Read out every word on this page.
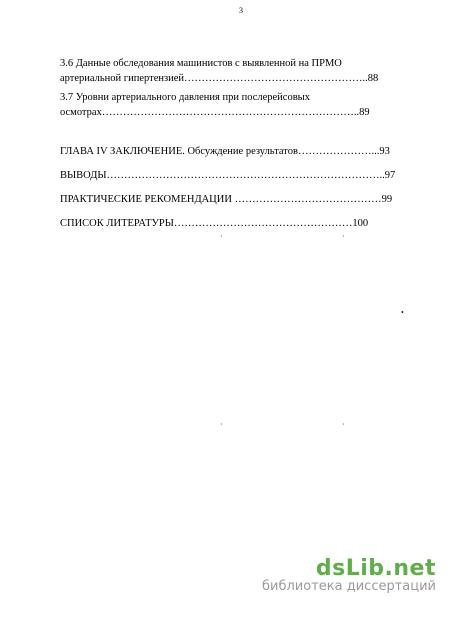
3
3.6 Данные обследования машинистов с выявленной на ПРМО
артериальной гипертензией……………………………………………..88
3.7 Уровни артериального давления при послерейсовых
осмотрах………………………………………………………………..89
ГЛАВА IV ЗАКЛЮЧЕНИЕ. Обсуждение результатов…………………...93
ВЫВОДЫ……………………………………………………………………..97
ПРАКТИЧЕСКИЕ РЕКОМЕНДАЦИИ ……………………………………99
СПИСОК ЛИТЕРАТУРЫ……………………………………………100
·	·
•
·	·
dsLib.net
библиотека диссертаций
